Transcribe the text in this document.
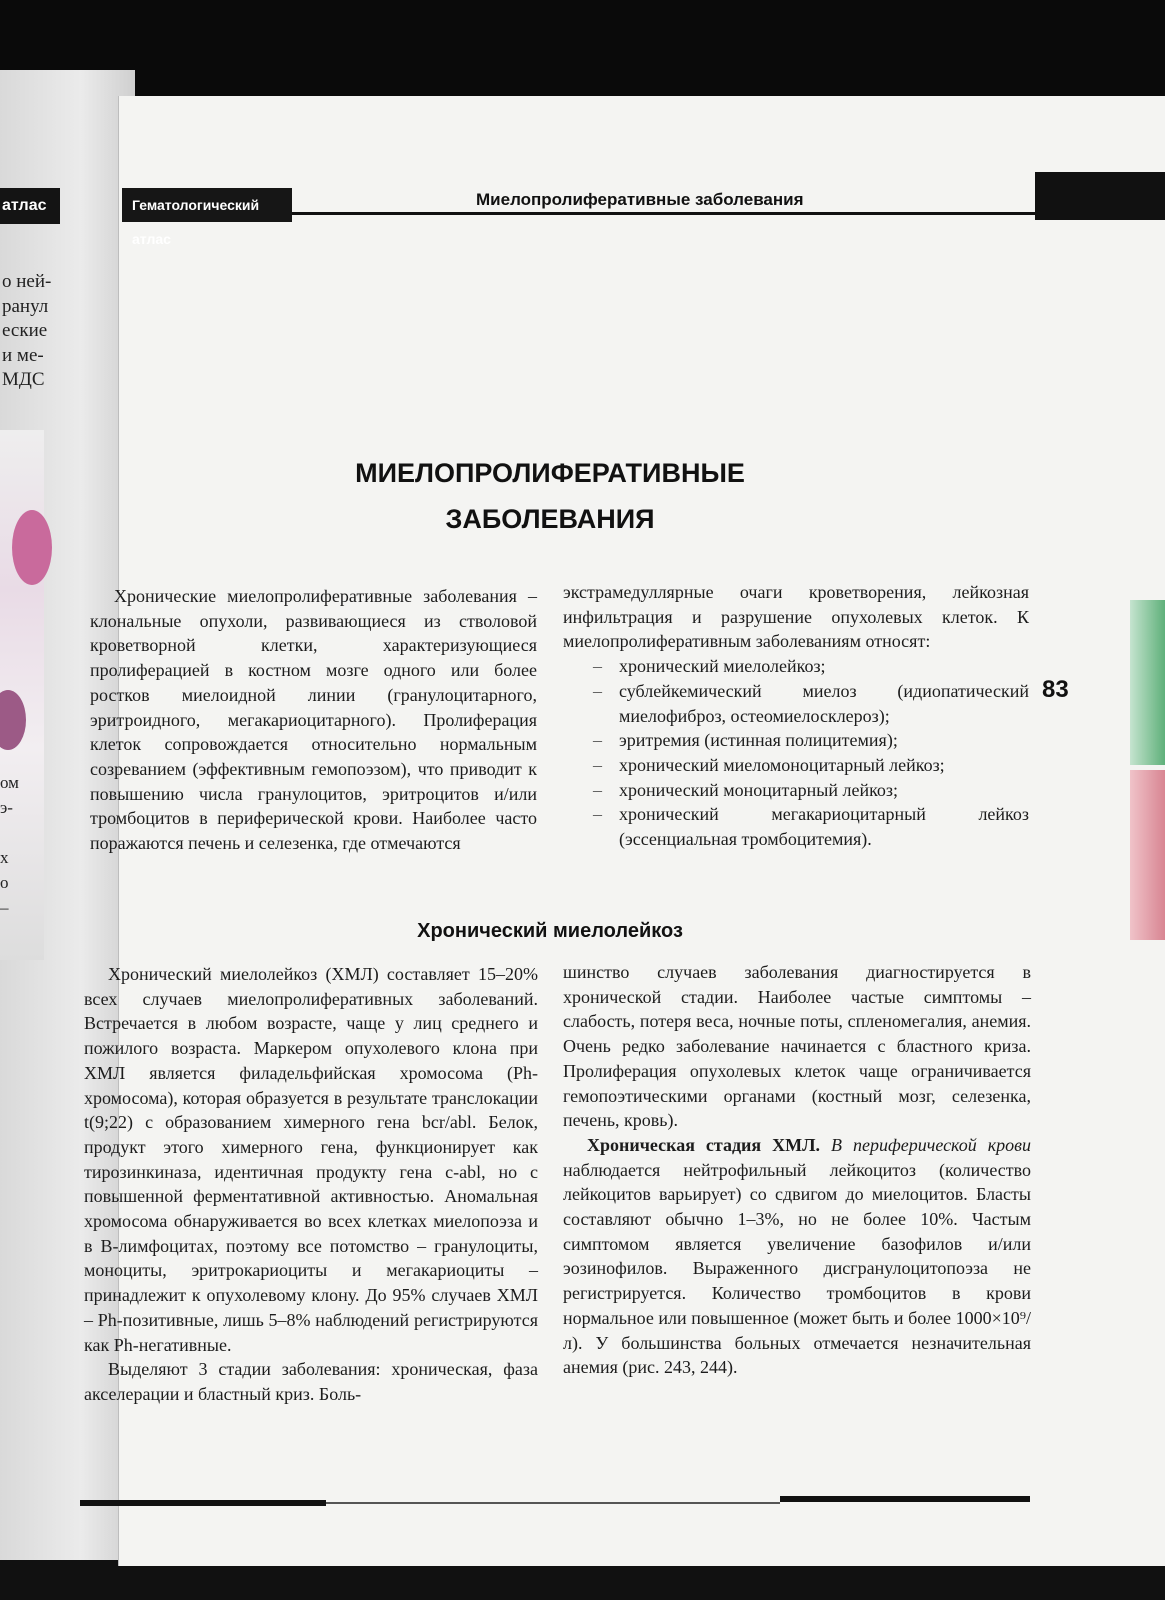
атлас
о ней-
ранул
еские
и ме-
МДС
ом
э-

х
о
–
Гематологический атлас
Миелопролиферативные заболевания
83
МИЕЛОПРОЛИФЕРАТИВНЫЕ
ЗАБОЛЕВАНИЯ

Хронические миелопролиферативные заболевания – клональные опухоли, развивающиеся из стволовой кроветворной клетки, характеризующиеся пролиферацией в костном мозге одного или более ростков миелоидной линии (гранулоцитарного, эритроидного, мегакариоцитарного). Пролиферация клеток сопровождается относительно нормальным созреванием (эффективным гемопоэзом), что приводит к повышению числа гранулоцитов, эритроцитов и/или тромбоцитов в периферической крови. Наиболее часто поражаются печень и селезенка, где отмечаются

экстрамедуллярные очаги кроветворения, лейкозная инфильтрация и разрушение опухолевых клеток. К миелопролиферативным заболеваниям относят:

– хронический миелолейкоз;
– сублейкемический миелоз (идиопатический миелофиброз, остеомиелосклероз);
– эритремия (истинная полицитемия);
– хронический миеломоноцитарный лейкоз;
– хронический моноцитарный лейкоз;
– хронический мегакариоцитарный лейкоз (эссенциальная тромбоцитемия).
Хронический миелолейкоз

Хронический миелолейкоз (ХМЛ) составляет 15–20% всех случаев миелопролиферативных заболеваний. Встречается в любом возрасте, чаще у лиц среднего и пожилого возраста. Маркером опухолевого клона при ХМЛ является филадельфийская хромосома (Ph-хромосома), которая образуется в результате транслокации t(9;22) с образованием химерного гена bcr/abl. Белок, продукт этого химерного гена, функционирует как тирозинкиназа, идентичная продукту гена c-abl, но с повышенной ферментативной активностью. Аномальная хромосома обнаруживается во всех клетках миелопоэза и в В-лимфоцитах, поэтому все потомство – гранулоциты, моноциты, эритрокариоциты и мегакариоциты – принадлежит к опухолевому клону. До 95% случаев ХМЛ – Ph-позитивные, лишь 5–8% наблюдений регистрируются как Ph-негативные.

Выделяют 3 стадии заболевания: хроническая, фаза акселерации и бластный криз. Боль-

шинство случаев заболевания диагностируется в хронической стадии. Наиболее частые симптомы – слабость, потеря веса, ночные поты, спленомегалия, анемия. Очень редко заболевание начинается с бластного криза. Пролиферация опухолевых клеток чаще ограничивается гемопоэтическими органами (костный мозг, селезенка, печень, кровь).

Хроническая стадия ХМЛ. В периферической крови наблюдается нейтрофильный лейкоцитоз (количество лейкоцитов варьирует) со сдвигом до миелоцитов. Бласты составляют обычно 1–3%, но не более 10%. Частым симптомом является увеличение базофилов и/или эозинофилов. Выраженного дисгранулоцитопоэза не регистрируется. Количество тромбоцитов в крови нормальное или повышенное (может быть и более 1000×10⁹/л). У большинства больных отмечается незначительная анемия (рис. 243, 244).
